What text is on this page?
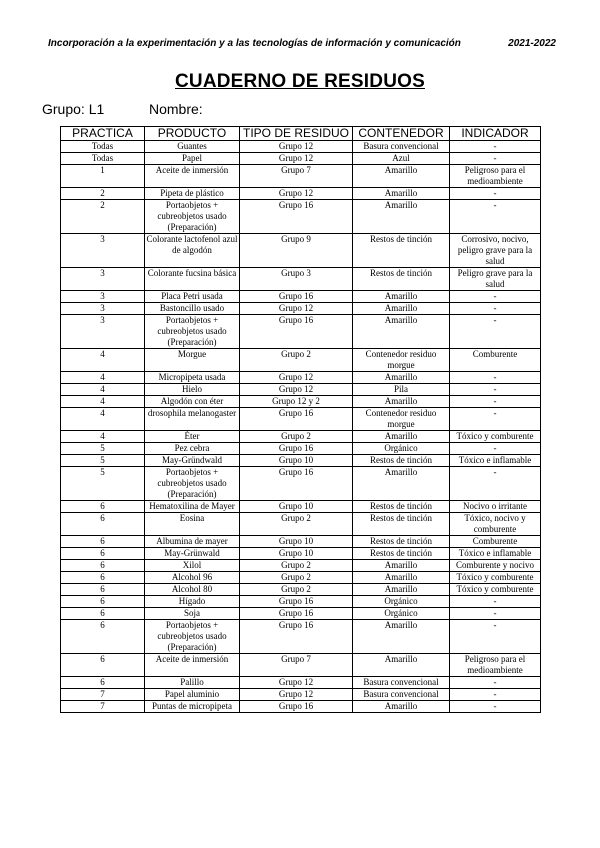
Incorporación a la experimentación y a las tecnologías de información y comunicación	2021-2022
CUADERNO DE RESIDUOS
Grupo: L1	Nombre:
PRACTICA	PRODUCTO	TIPO DE RESIDUO	CONTENEDOR	INDICADOR
Todas	Guantes	Grupo 12	Basura convencional	-
Todas	Papel	Grupo 12	Azul	-
1	Aceite de inmersión	Grupo 7	Amarillo	Peligroso para el medioambiente
2	Pipeta de plástico	Grupo 12	Amarillo	-
2	Portaobjetos + cubreobjetos usado (Preparación)	Grupo 16	Amarillo	-
3	Colorante lactofenol azul de algodón	Grupo 9	Restos de tinción	Corrosivo, nocivo, peligro grave para la salud
3	Colorante fucsina básica	Grupo 3	Restos de tinción	Peligro grave para la salud
3	Placa Petri usada	Grupo 16	Amarillo	-
3	Bastoncillo usado	Grupo 12	Amarillo	-
3	Portaobjetos + cubreobjetos usado (Preparación)	Grupo 16	Amarillo	-
4	Morgue	Grupo 2	Contenedor residuo morgue	Comburente
4	Micropipeta usada	Grupo 12	Amarillo	-
4	Hielo	Grupo 12	Pila	-
4	Algodón con éter	Grupo 12 y 2	Amarillo	-
4	drosophila melanogaster	Grupo 16	Contenedor residuo morgue	-
4	Éter	Grupo 2	Amarillo	Tóxico y comburente
5	Pez cebra	Grupo 16	Orgánico	-
5	May-Gründwald	Grupo 10	Restos de tinción	Tóxico e inflamable
5	Portaobjetos + cubreobjetos usado (Preparación)	Grupo 16	Amarillo	-
6	Hematoxilina de Mayer	Grupo 10	Restos de tinción	Nocivo o irritante
6	Eosina	Grupo 2	Restos de tinción	Tóxico, nocivo y comburente
6	Albumina de mayer	Grupo 10	Restos de tinción	Comburente
6	May-Grünwald	Grupo 10	Restos de tinción	Tóxico e inflamable
6	Xilol	Grupo 2	Amarillo	Comburente y nocivo
6	Alcohol 96	Grupo 2	Amarillo	Tóxico y comburente
6	Alcohol 80	Grupo 2	Amarillo	Tóxico y comburente
6	Hígado	Grupo 16	Orgánico	-
6	Soja	Grupo 16	Orgánico	-
6	Portaobjetos + cubreobjetos usado (Preparación)	Grupo 16	Amarillo	-
6	Aceite de inmersión	Grupo 7	Amarillo	Peligroso para el medioambiente
6	Palillo	Grupo 12	Basura convencional	-
7	Papel aluminio	Grupo 12	Basura convencional	-
7	Puntas de micropipeta	Grupo 16	Amarillo	-
